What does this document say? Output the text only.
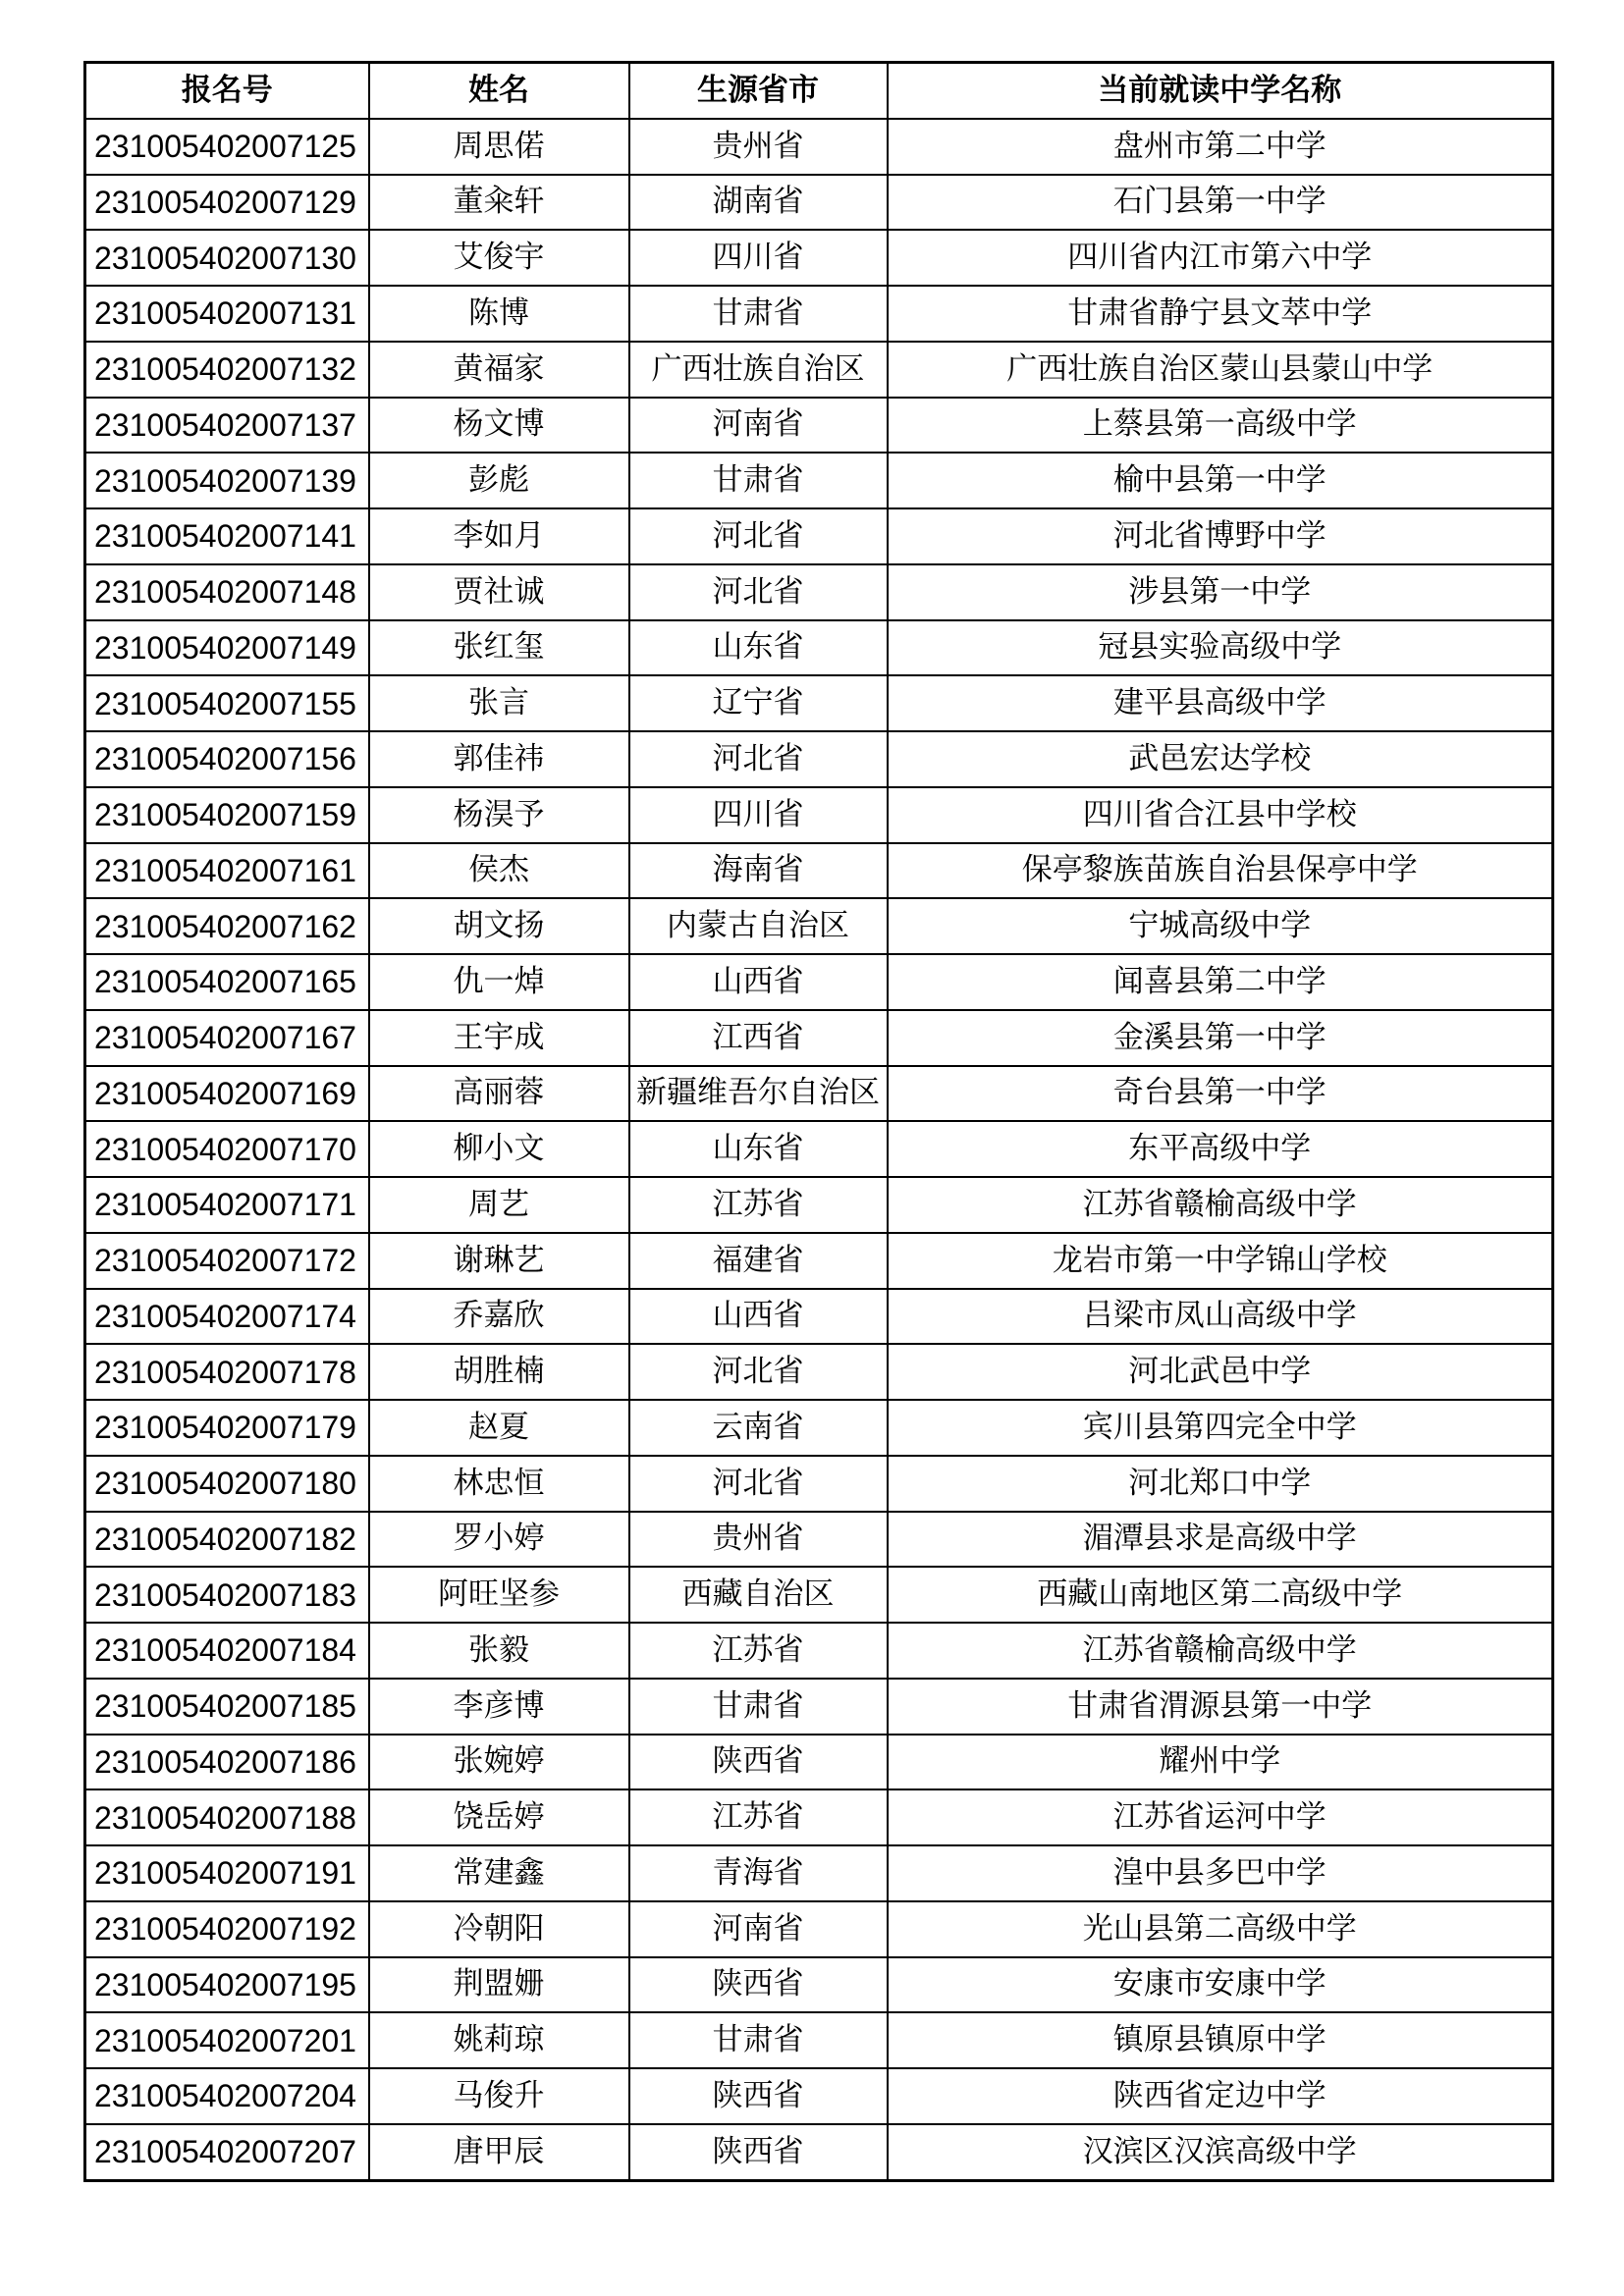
报名号	姓名	生源省市	当前就读中学名称
231005402007125	周思偌	贵州省	盘州市第二中学
231005402007129	董籴轩	湖南省	石门县第一中学
231005402007130	艾俊宇	四川省	四川省内江市第六中学
231005402007131	陈博	甘肃省	甘肃省静宁县文萃中学
231005402007132	黄福家	广西壮族自治区	广西壮族自治区蒙山县蒙山中学
231005402007137	杨文博	河南省	上蔡县第一高级中学
231005402007139	彭彪	甘肃省	榆中县第一中学
231005402007141	李如月	河北省	河北省博野中学
231005402007148	贾社诚	河北省	涉县第一中学
231005402007149	张红玺	山东省	冠县实验高级中学
231005402007155	张言	辽宁省	建平县高级中学
231005402007156	郭佳祎	河北省	武邑宏达学校
231005402007159	杨淏予	四川省	四川省合江县中学校
231005402007161	侯杰	海南省	保亭黎族苗族自治县保亭中学
231005402007162	胡文扬	内蒙古自治区	宁城高级中学
231005402007165	仇一焯	山西省	闻喜县第二中学
231005402007167	王宇成	江西省	金溪县第一中学
231005402007169	高丽蓉	新疆维吾尔自治区	奇台县第一中学
231005402007170	柳小文	山东省	东平高级中学
231005402007171	周艺	江苏省	江苏省赣榆高级中学
231005402007172	谢琳艺	福建省	龙岩市第一中学锦山学校
231005402007174	乔嘉欣	山西省	吕梁市凤山高级中学
231005402007178	胡胜楠	河北省	河北武邑中学
231005402007179	赵夏	云南省	宾川县第四完全中学
231005402007180	林忠恒	河北省	河北郑口中学
231005402007182	罗小婷	贵州省	湄潭县求是高级中学
231005402007183	阿旺坚参	西藏自治区	西藏山南地区第二高级中学
231005402007184	张毅	江苏省	江苏省赣榆高级中学
231005402007185	李彦博	甘肃省	甘肃省渭源县第一中学
231005402007186	张婉婷	陕西省	耀州中学
231005402007188	饶岳婷	江苏省	江苏省运河中学
231005402007191	常建鑫	青海省	湟中县多巴中学
231005402007192	冷朝阳	河南省	光山县第二高级中学
231005402007195	荆盟姗	陕西省	安康市安康中学
231005402007201	姚莉琼	甘肃省	镇原县镇原中学
231005402007204	马俊升	陕西省	陕西省定边中学
231005402007207	唐甲辰	陕西省	汉滨区汉滨高级中学
